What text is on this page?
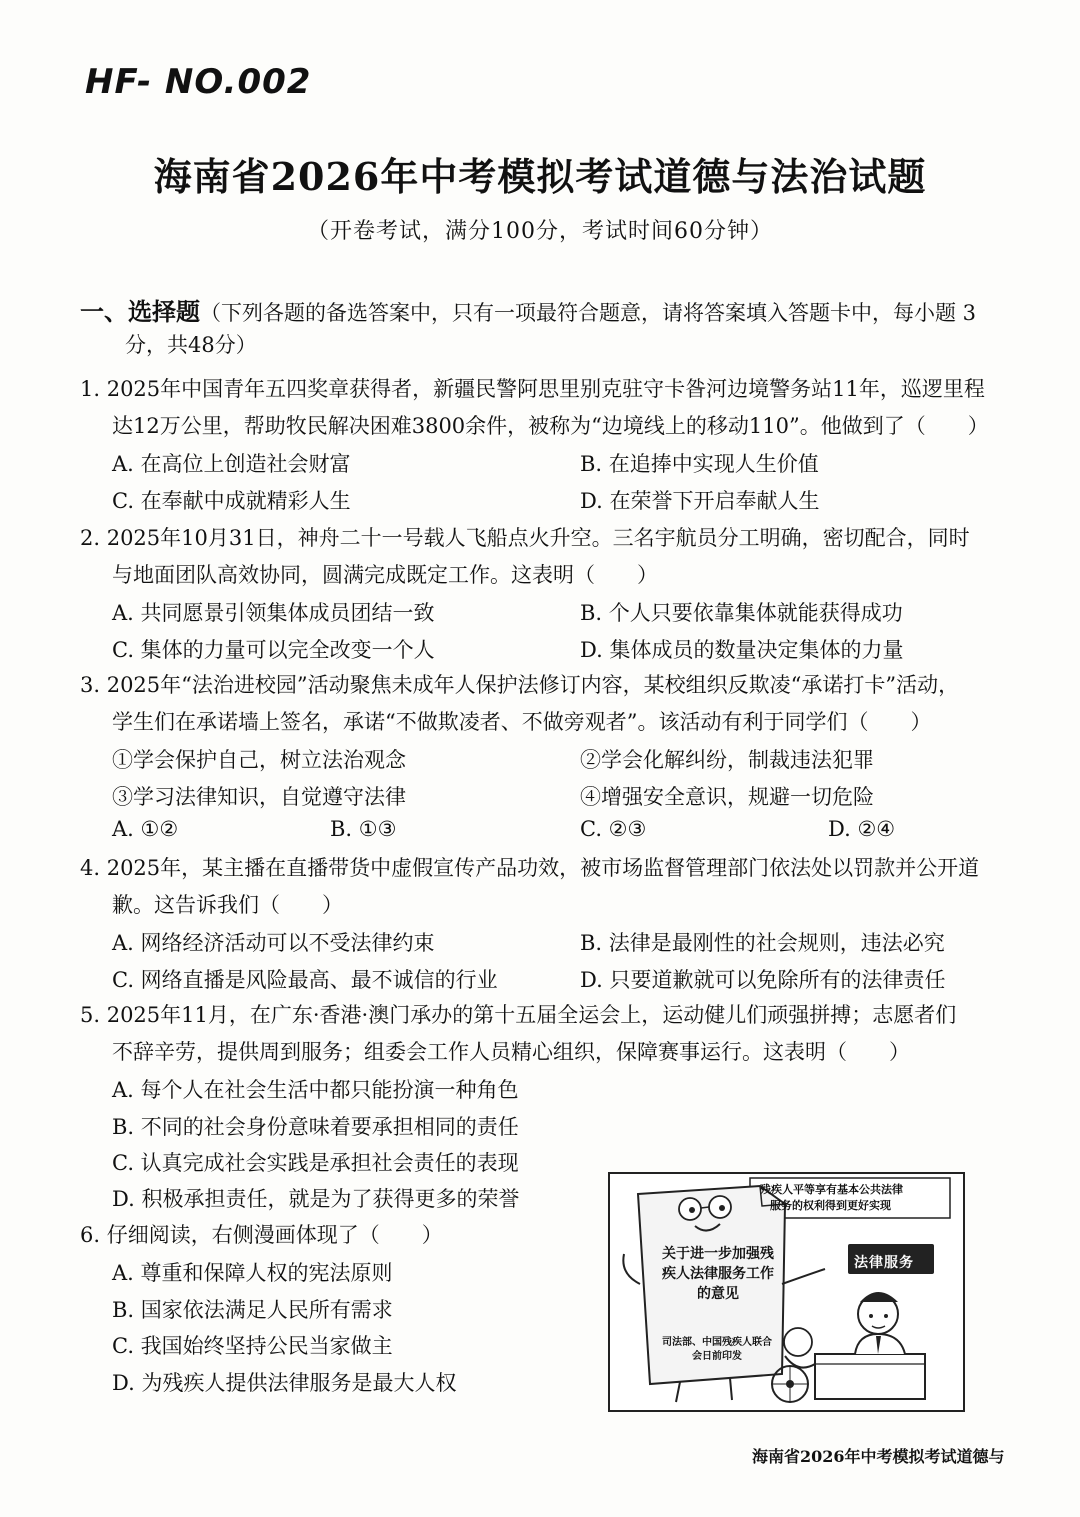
HF- NO.002
海南省2026年中考模拟考试道德与法治试题
（开卷考试，满分100分，考试时间60分钟）
一、选择题（下列各题的备选答案中，只有一项最符合题意，请将答案填入答题卡中，每小题 3
分，共48分）
1. 2025年中国青年五四奖章获得者，新疆民警阿思里别克驻守卡昝河边境警务站11年，巡逻里程
达12万公里，帮助牧民解决困难3800余件，被称为“边境线上的移动110”。他做到了（　　）
A. 在高位上创造社会财富	B. 在追捧中实现人生价值
C. 在奉献中成就精彩人生	D. 在荣誉下开启奉献人生
2. 2025年10月31日，神舟二十一号载人飞船点火升空。三名宇航员分工明确，密切配合，同时
与地面团队高效协同，圆满完成既定工作。这表明（　　）
A. 共同愿景引领集体成员团结一致	B. 个人只要依靠集体就能获得成功
C. 集体的力量可以完全改变一个人	D. 集体成员的数量决定集体的力量
3. 2025年“法治进校园”活动聚焦未成年人保护法修订内容，某校组织反欺凌“承诺打卡”活动，
学生们在承诺墙上签名，承诺“不做欺凌者、不做旁观者”。该活动有利于同学们（　　）
①学会保护自己，树立法治观念	②学会化解纠纷，制裁违法犯罪
③学习法律知识，自觉遵守法律	④增强安全意识，规避一切危险
A. ①②	B. ①③	C. ②③	D. ②④
4. 2025年，某主播在直播带货中虚假宣传产品功效，被市场监督管理部门依法处以罚款并公开道
歉。这告诉我们（　　）
A. 网络经济活动可以不受法律约束	B. 法律是最刚性的社会规则，违法必究
C. 网络直播是风险最高、最不诚信的行业	D. 只要道歉就可以免除所有的法律责任
5. 2025年11月，在广东·香港·澳门承办的第十五届全运会上，运动健儿们顽强拼搏；志愿者们
不辞辛劳，提供周到服务；组委会工作人员精心组织，保障赛事运行。这表明（　　）
A. 每个人在社会生活中都只能扮演一种角色
B. 不同的社会身份意味着要承担相同的责任
C. 认真完成社会实践是承担社会责任的表现
D. 积极承担责任，就是为了获得更多的荣誉
6. 仔细阅读，右侧漫画体现了（　　）
A. 尊重和保障人权的宪法原则
B. 国家依法满足人民所有需求
C. 我国始终坚持公民当家做主
D. 为残疾人提供法律服务是最大人权
残疾人平等享有基本公共法律
服务的权利得到更好实现
关于进一步加强残疾人法律服务工作的意见
司法部、中国残疾人联合会日前印发
法律服务
海南省2026年中考模拟考试道德与
